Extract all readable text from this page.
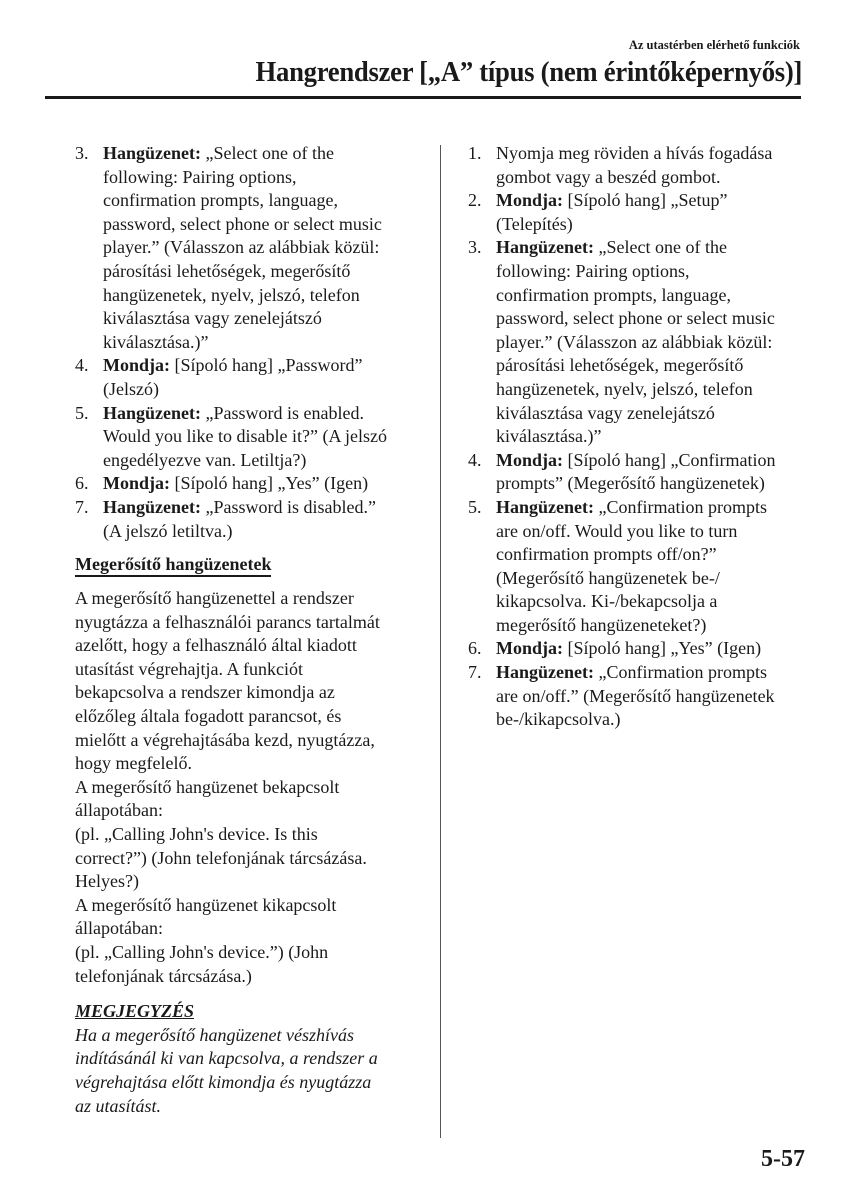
Az utastérben elérhető funkciók
Hangrendszer [„A” típus (nem érintőképernyős)]
3. Hangüzenet: „Select one of the
following: Pairing options,
confirmation prompts, language,
password, select phone or select music
player.” (Válasszon az alábbiak közül:
párosítási lehetőségek, megerősítő
hangüzenetek, nyelv, jelszó, telefon
kiválasztása vagy zenelejátszó
kiválasztása.)”
4. Mondja: [Sípoló hang] „Password”
(Jelszó)
5. Hangüzenet: „Password is enabled.
Would you like to disable it?” (A jelszó
engedélyezve van. Letiltja?)
6. Mondja: [Sípoló hang] „Yes” (Igen)
7. Hangüzenet: „Password is disabled.”
(A jelszó letiltva.)
Megerősítő hangüzenetek
A megerősítő hangüzenettel a rendszer
nyugtázza a felhasználói parancs tartalmát
azelőtt, hogy a felhasználó által kiadott
utasítást végrehajtja. A funkciót
bekapcsolva a rendszer kimondja az
előzőleg általa fogadott parancsot, és
mielőtt a végrehajtásába kezd, nyugtázza,
hogy megfelelő.
A megerősítő hangüzenet bekapcsolt
állapotában:
(pl. „Calling John's device. Is this
correct?”) (John telefonjának tárcsázása.
Helyes?)
A megerősítő hangüzenet kikapcsolt
állapotában:
(pl. „Calling John's device.”) (John
telefonjának tárcsázása.)
MEGJEGYZÉS
Ha a megerősítő hangüzenet vészhívás
indításánál ki van kapcsolva, a rendszer a
végrehajtása előtt kimondja és nyugtázza
az utasítást.
1. Nyomja meg röviden a hívás fogadása
gombot vagy a beszéd gombot.
2. Mondja: [Sípoló hang] „Setup”
(Telepítés)
3. Hangüzenet: „Select one of the
following: Pairing options,
confirmation prompts, language,
password, select phone or select music
player.” (Válasszon az alábbiak közül:
párosítási lehetőségek, megerősítő
hangüzenetek, nyelv, jelszó, telefon
kiválasztása vagy zenelejátszó
kiválasztása.)”
4. Mondja: [Sípoló hang] „Confirmation
prompts” (Megerősítő hangüzenetek)
5. Hangüzenet: „Confirmation prompts
are on/off. Would you like to turn
confirmation prompts off/on?”
(Megerősítő hangüzenetek be-/
kikapcsolva. Ki-/bekapcsolja a
megerősítő hangüzeneteket?)
6. Mondja: [Sípoló hang] „Yes” (Igen)
7. Hangüzenet: „Confirmation prompts
are on/off.” (Megerősítő hangüzenetek
be-/kikapcsolva.)
5-57
